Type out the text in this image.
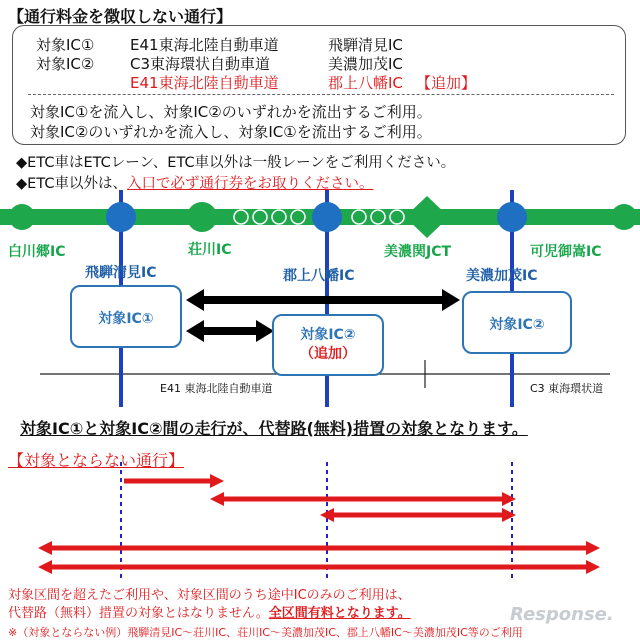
【通行料金を徴収しない通行】
対象IC① E41東海北陸自動車道	飛騨清見IC
対象IC② C3東海環状自動車道	美濃加茂IC
E41東海北陸自動車道	郡上八幡IC 【追加】
対象IC①を流入し、対象IC②のいずれかを流出するご利用。
対象IC②のいずれかを流入し、対象IC①を流出するご利用。
◆ETC車はETCレーン、ETC車以外は一般レーンをご利用ください。
◆ETC車以外は、入口で必ず通行券をお取りください。
白川郷IC	荘川IC	美濃関JCT	可児御嵩IC
飛騨清見IC	郡上八幡IC	美濃加茂IC
対象IC①
対象IC②
（追加）
対象IC②
E41 東海北陸自動車道	C3 東海環状道
対象IC①と対象IC②間の走行が、代替路(無料)措置の対象となります。
【対象とならない通行】
対象区間を超えたご利用や、対象区間のうち途中ICのみのご利用は、
代替路（無料）措置の対象とはなりません。全区間有料となります。
※（対象とならない例）飛騨清見IC～荘川IC、荘川IC～美濃加茂IC、郡上八幡IC～美濃加茂IC等のご利用
Response.
